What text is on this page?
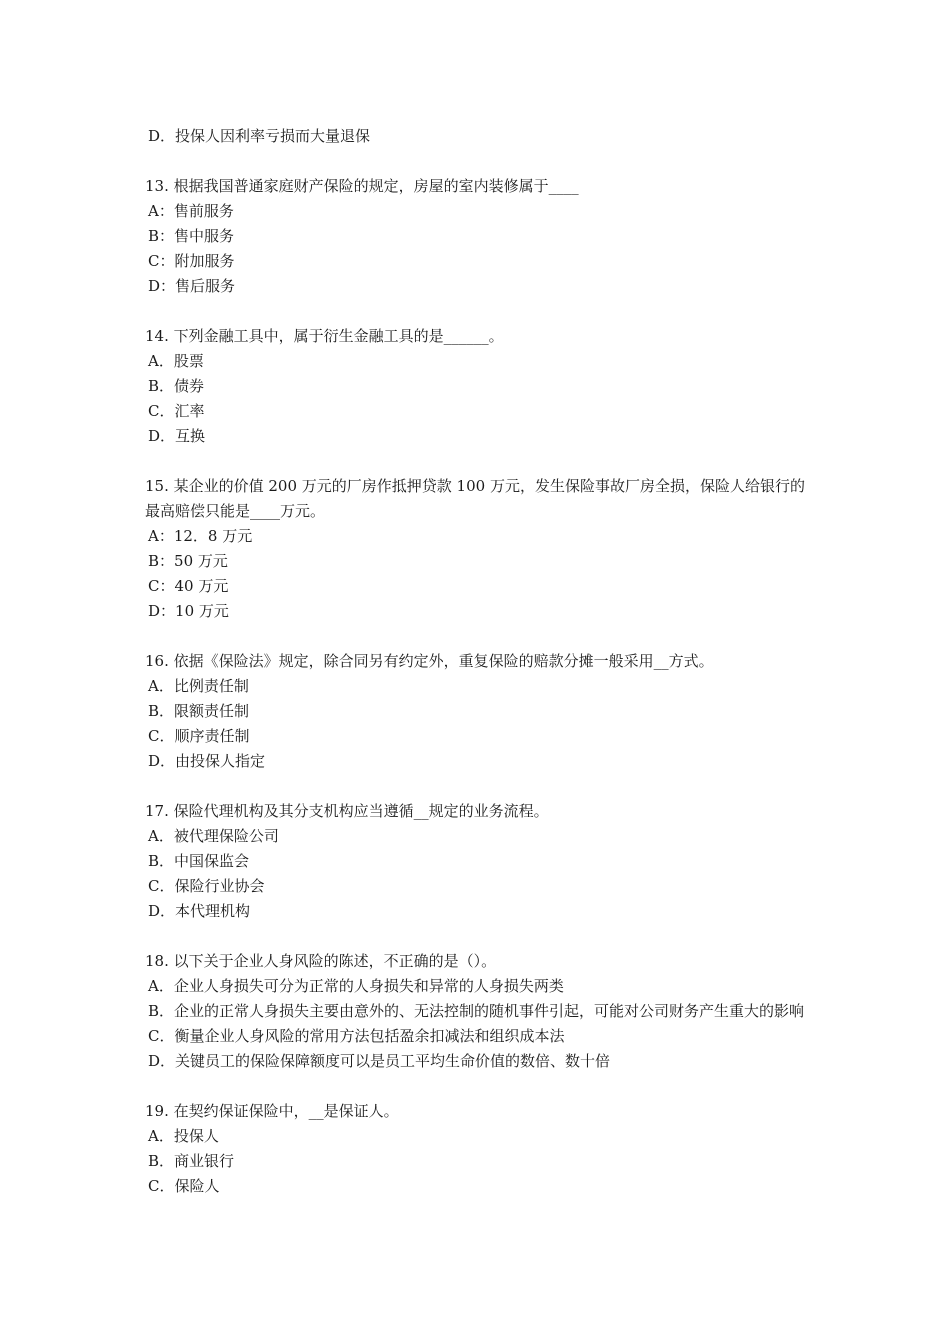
D．投保人因利率亏损而大量退保
13. 根据我国普通家庭财产保险的规定，房屋的室内装修属于____
A：售前服务
B：售中服务
C：附加服务
D：售后服务
14. 下列金融工具中，属于衍生金融工具的是______。
A．股票
B．债券
C．汇率
D．互换
15. 某企业的价值 200 万元的厂房作抵押贷款 100 万元，发生保险事故厂房全损，保险人给银行的最高赔偿只能是____万元。
A：12．8 万元
B：50 万元
C：40 万元
D：10 万元
16. 依据《保险法》规定，除合同另有约定外，重复保险的赔款分摊一般采用__方式。
A．比例责任制
B．限额责任制
C．顺序责任制
D．由投保人指定
17. 保险代理机构及其分支机构应当遵循__规定的业务流程。
A．被代理保险公司
B．中国保监会
C．保险行业协会
D．本代理机构
18. 以下关于企业人身风险的陈述，不正确的是（）。
A．企业人身损失可分为正常的人身损失和异常的人身损失两类
B．企业的正常人身损失主要由意外的、无法控制的随机事件引起，可能对公司财务产生重大的影响
C．衡量企业人身风险的常用方法包括盈余扣减法和组织成本法
D．关键员工的保险保障额度可以是员工平均生命价值的数倍、数十倍
19. 在契约保证保险中，__是保证人。
A．投保人
B．商业银行
C．保险人
